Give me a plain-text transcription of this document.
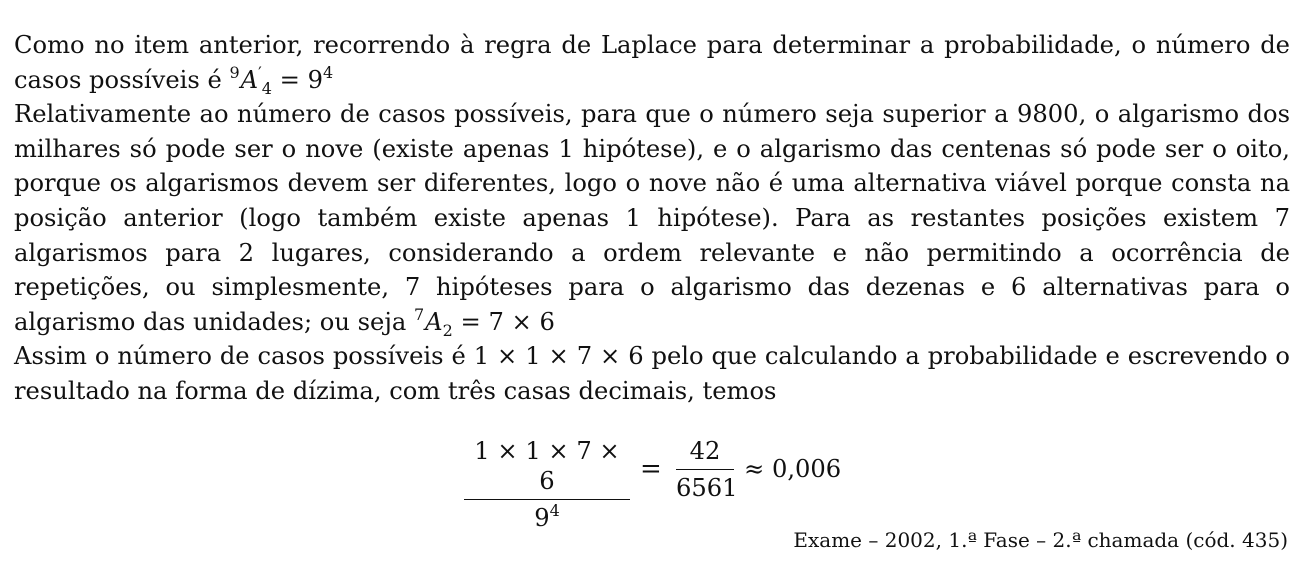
Como no item anterior, recorrendo à regra de Laplace para determinar a probabilidade, o número de casos possíveis é $^9A'_4 = 9^4$

Relativamente ao número de casos possíveis, para que o número seja superior a 9800, o algarismo dos milhares só pode ser o nove (existe apenas 1 hipótese), e o algarismo das centenas só pode ser o oito, porque os algarismos devem ser diferentes, logo o nove não é uma alternativa viável porque consta na posição anterior (logo também existe apenas 1 hipótese). Para as restantes posições existem 7 algarismos para 2 lugares, considerando a ordem relevante e não permitindo a ocorrência de repetições, ou simplesmente, 7 hipóteses para o algarismo das dezenas e 6 alternativas para o algarismo das unidades; ou seja $^7A_2 = 7 \times 6$

Assim o número de casos possíveis é 1 × 1 × 7 × 6 pelo que calculando a probabilidade e escrevendo o resultado na forma de dízima, com três casas decimais, temos

1 × 1 × 7 × 6
$9^4$
=
42
6561
≈ 0,006
Exame – 2002, 1.ª Fase – 2.ª chamada (cód. 435)
